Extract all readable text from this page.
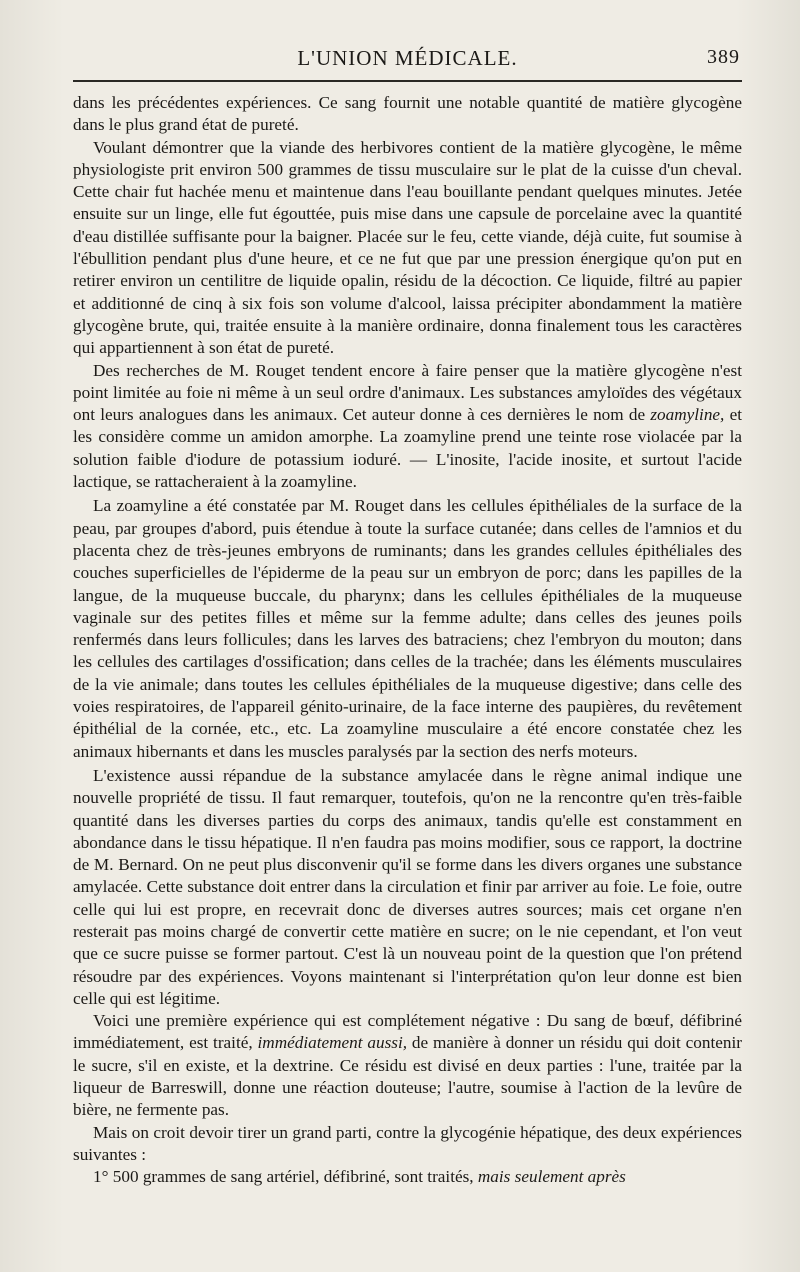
L'UNION MÉDICALE.	389

dans les précédentes expériences. Ce sang fournit une notable quantité de matière glycogène dans le plus grand état de pureté.

Voulant démontrer que la viande des herbivores contient de la matière glycogène, le même physiologiste prit environ 500 grammes de tissu musculaire sur le plat de la cuisse d'un cheval. Cette chair fut hachée menu et maintenue dans l'eau bouillante pendant quelques minutes. Jetée ensuite sur un linge, elle fut égouttée, puis mise dans une capsule de porcelaine avec la quantité d'eau distillée suffisante pour la baigner. Placée sur le feu, cette viande, déjà cuite, fut soumise à l'ébullition pendant plus d'une heure, et ce ne fut que par une pression énergique qu'on put en retirer environ un centilitre de liquide opalin, résidu de la décoction. Ce liquide, filtré au papier et additionné de cinq à six fois son volume d'alcool, laissa précipiter abondamment la matière glycogène brute, qui, traitée ensuite à la manière ordinaire, donna finalement tous les caractères qui appartiennent à son état de pureté.

Des recherches de M. Rouget tendent encore à faire penser que la matière glycogène n'est point limitée au foie ni même à un seul ordre d'animaux. Les substances amyloïdes des végétaux ont leurs analogues dans les animaux. Cet auteur donne à ces dernières le nom de zoamyline, et les considère comme un amidon amorphe. La zoamyline prend une teinte rose violacée par la solution faible d'iodure de potassium ioduré. — L'inosite, l'acide inosite, et surtout l'acide lactique, se rattacheraient à la zoamyline.

La zoamyline a été constatée par M. Rouget dans les cellules épithéliales de la surface de la peau, par groupes d'abord, puis étendue à toute la surface cutanée; dans celles de l'amnios et du placenta chez de très-jeunes embryons de ruminants; dans les grandes cellules épithéliales des couches superficielles de l'épiderme de la peau sur un embryon de porc; dans les papilles de la langue, de la muqueuse buccale, du pharynx; dans les cellules épithéliales de la muqueuse vaginale sur des petites filles et même sur la femme adulte; dans celles des jeunes poils renfermés dans leurs follicules; dans les larves des batraciens; chez l'embryon du mouton; dans les cellules des cartilages d'ossification; dans celles de la trachée; dans les éléments musculaires de la vie animale; dans toutes les cellules épithéliales de la muqueuse digestive; dans celle des voies respiratoires, de l'appareil génito-urinaire, de la face interne des paupières, du revêtement épithélial de la cornée, etc., etc. La zoamyline musculaire a été encore constatée chez les animaux hibernants et dans les muscles paralysés par la section des nerfs moteurs.

L'existence aussi répandue de la substance amylacée dans le règne animal indique une nouvelle propriété de tissu. Il faut remarquer, toutefois, qu'on ne la rencontre qu'en très-faible quantité dans les diverses parties du corps des animaux, tandis qu'elle est constamment en abondance dans le tissu hépatique. Il n'en faudra pas moins modifier, sous ce rapport, la doctrine de M. Bernard. On ne peut plus disconvenir qu'il se forme dans les divers organes une substance amylacée. Cette substance doit entrer dans la circulation et finir par arriver au foie. Le foie, outre celle qui lui est propre, en recevrait donc de diverses autres sources; mais cet organe n'en resterait pas moins chargé de convertir cette matière en sucre; on le nie cependant, et l'on veut que ce sucre puisse se former partout. C'est là un nouveau point de la question que l'on prétend résoudre par des expériences. Voyons maintenant si l'interprétation qu'on leur donne est bien celle qui est légitime.

Voici une première expérience qui est complétement négative : Du sang de bœuf, défibriné immédiatement, est traité, immédiatement aussi, de manière à donner un résidu qui doit contenir le sucre, s'il en existe, et la dextrine. Ce résidu est divisé en deux parties : l'une, traitée par la liqueur de Barreswill, donne une réaction douteuse; l'autre, soumise à l'action de la levûre de bière, ne fermente pas.

Mais on croit devoir tirer un grand parti, contre la glycogénie hépatique, des deux expériences suivantes :

1° 500 grammes de sang artériel, défibriné, sont traités, mais seulement après
